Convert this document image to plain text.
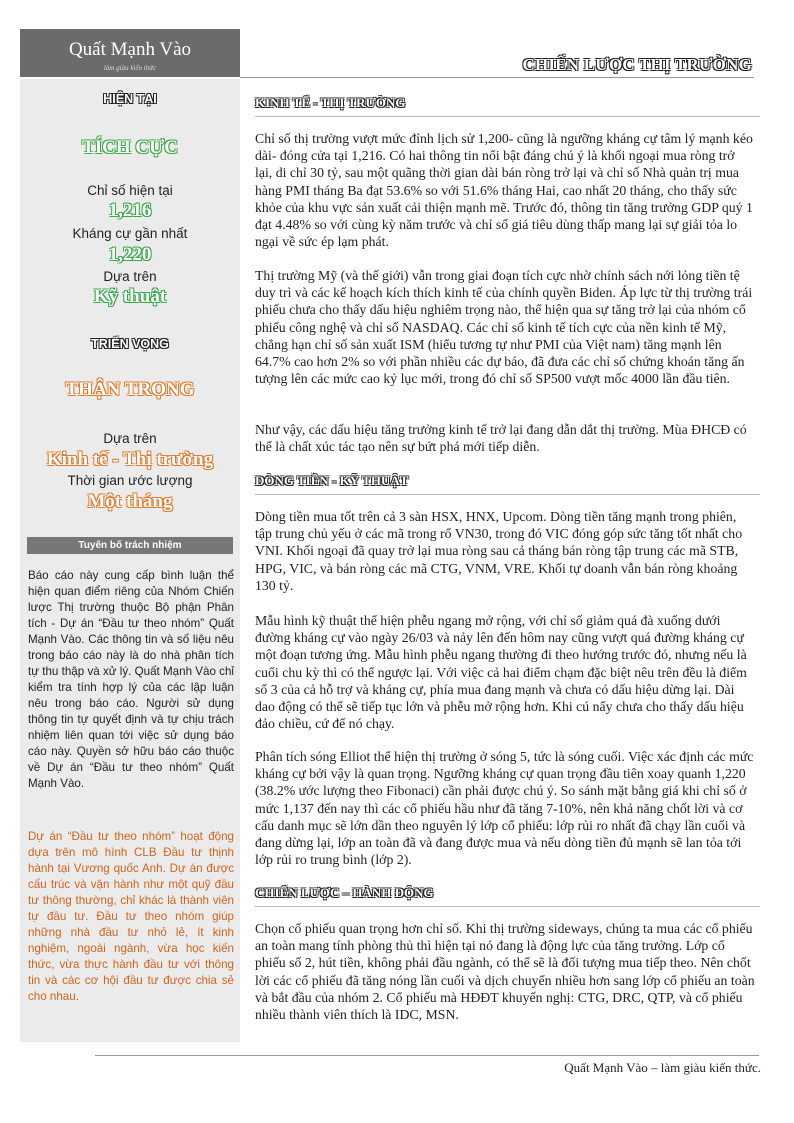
Quất Mạnh Vào
làm giàu kiến thức	CHIẾN LƯỢC THỊ TRƯỜNG
HIỆN TẠI
TÍCH CỰC
Chỉ số hiện tại
1,216
Kháng cự gần nhất
1,220
Dựa trên
Kỹ thuật
TRIỂN VỌNG
THẬN TRỌNG
Dựa trên
Kinh tế - Thị trường
Thời gian ước lượng
Một tháng
Tuyên bố trách nhiệm
Báo cáo này cung cấp bình luận thể hiện quan điểm riêng của Nhóm Chiến lược Thị trường thuộc Bộ phận Phân tích - Dự án “Đầu tư theo nhóm” Quất Mạnh Vào. Các thông tin và số liệu nêu trong báo cáo này là do nhà phân tích tự thu thập và xử lý. Quất Mạnh Vào chỉ kiểm tra tính hợp lý của các lập luận nêu trong báo cáo. Người sử dụng thông tin tự quyết định và tự chịu trách nhiệm liên quan tới việc sử dụng báo cáo này. Quyền sở hữu báo cáo thuộc về Dự án “Đầu tư theo nhóm” Quất Mạnh Vào.
Dự án “Đầu tư theo nhóm” hoạt động dựa trên mô hình CLB Đầu tư thịnh hành tại Vương quốc Anh. Dự án được cấu trúc và vận hành như một quỹ đầu tư thông thường, chỉ khác là thành viên tự đầu tư. Đầu tư theo nhóm giúp những nhà đầu tư nhỏ lẻ, ít kinh nghiệm, ngoài ngành, vừa học kiến thức, vừa thực hành đầu tư với thông tin và các cơ hội đầu tư được chia sẻ cho nhau.
KINH TẾ - THỊ TRƯỜNG
Chỉ số thị trường vượt mức đỉnh lịch sử 1,200- cũng là ngưỡng kháng cự tâm lý mạnh kéo dài- đóng cửa tại 1,216. Có hai thông tin nổi bật đáng chú ý là khối ngoại mua ròng trở lại, di chỉ 30 tỷ, sau một quãng thời gian dài bán ròng trở lại và chỉ số Nhà quản trị mua hàng PMI tháng Ba đạt 53.6% so với 51.6% tháng Hai, cao nhất 20 tháng, cho thấy sức khỏe của khu vực sản xuất cải thiện mạnh mẽ. Trước đó, thông tin tăng trưởng GDP quý 1 đạt 4.48% so với cùng kỳ năm trước và chỉ số giá tiêu dùng thấp mang lại sự giải tỏa lo ngại về sức ép lạm phát.
Thị trường Mỹ (và thế giới) vẫn trong giai đoạn tích cực nhờ chính sách nới lỏng tiền tệ duy trì và các kế hoạch kích thích kinh tế của chính quyền Biden. Áp lực từ thị trường trái phiếu chưa cho thấy dấu hiệu nghiêm trọng nào, thể hiện qua sự tăng trở lại của nhóm cổ phiếu công nghệ và chỉ số NASDAQ. Các chỉ số kinh tế tích cực của nền kinh tế Mỹ, chẳng hạn chỉ số sản xuất ISM (hiểu tương tự như PMI của Việt nam) tăng mạnh lên 64.7% cao hơn 2% so với phần nhiều các dự báo, đã đưa các chỉ số chứng khoán tăng ấn tượng lên các mức cao kỷ lục mới, trong đó chỉ số SP500 vượt mốc 4000 lần đầu tiên.
Như vậy, các dấu hiệu tăng trưởng kinh tế trở lại đang dẫn dắt thị trường. Mùa ĐHCĐ có thể là chất xúc tác tạo nên sự bứt phá mới tiếp diễn.
DÒNG TIỀN - KỸ THUẬT
Dòng tiền mua tốt trên cả 3 sàn HSX, HNX, Upcom. Dòng tiền tăng mạnh trong phiên, tập trung chủ yếu ở các mã trong rổ VN30, trong đó VIC đóng góp sức tăng tốt nhất cho VNI. Khối ngoại đã quay trở lại mua ròng sau cả tháng bán ròng tập trung các mã STB, HPG, VIC, và bán ròng các mã CTG, VNM, VRE. Khối tự doanh vẫn bán ròng khoảng 130 tỷ.
Mẫu hình kỹ thuật thể hiện phễu ngang mở rộng, với chỉ số giảm quá đà xuống dưới đường kháng cự vào ngày 26/03 và nảy lên đến hôm nay cũng vượt quá đường kháng cự một đoạn tương ứng. Mẫu hình phễu ngang thường đi theo hướng trước đó, nhưng nếu là cuối chu kỳ thì có thể ngược lại. Với việc cả hai điểm chạm đặc biệt nêu trên đều là điểm số 3 của cả hỗ trợ và kháng cự, phía mua đang mạnh và chưa có dấu hiệu dừng lại. Dài dao động có thể sẽ tiếp tục lớn và phễu mở rộng hơn. Khi cú nẩy chưa cho thấy dấu hiệu đảo chiều, cứ để nó chạy.
Phân tích sóng Elliot thể hiện thị trường ở sóng 5, tức là sóng cuối. Việc xác định các mức kháng cự bởi vậy là quan trọng. Ngưỡng kháng cự quan trọng đầu tiên xoay quanh 1,220 (38.2% ước lượng theo Fibonaci) cần phải được chú ý. So sánh mặt bằng giá khi chỉ số ở mức 1,137 đến nay thì các cổ phiếu hầu như đã tăng 7-10%, nên khả năng chốt lời và cơ cấu danh mục sẽ lớn dần theo nguyên lý lớp cổ phiếu: lớp rủi ro nhất đã chạy lần cuối và đang dừng lại, lớp an toàn đã và đang được mua và nếu dòng tiền đủ mạnh sẽ lan tỏa tới lớp rủi ro trung bình (lớp 2).
CHIẾN LƯỢC – HÀNH ĐỘNG
Chọn cổ phiếu quan trọng hơn chỉ số. Khi thị trường sideways, chúng ta mua các cổ phiếu an toàn mang tính phòng thủ thì hiện tại nó đang là động lực của tăng trưởng. Lớp cổ phiếu số 2, hút tiền, không phải đầu ngành, có thể sẽ là đối tượng mua tiếp theo. Nên chốt lời các cổ phiếu đã tăng nóng lần cuối và dịch chuyển nhiều hơn sang lớp cổ phiếu an toàn và bắt đầu của nhóm 2. Cổ phiếu mà HĐĐT khuyến nghị: CTG, DRC, QTP, và cổ phiếu nhiều thành viên thích là IDC, MSN.
Quất Mạnh Vào – làm giàu kiến thức.
